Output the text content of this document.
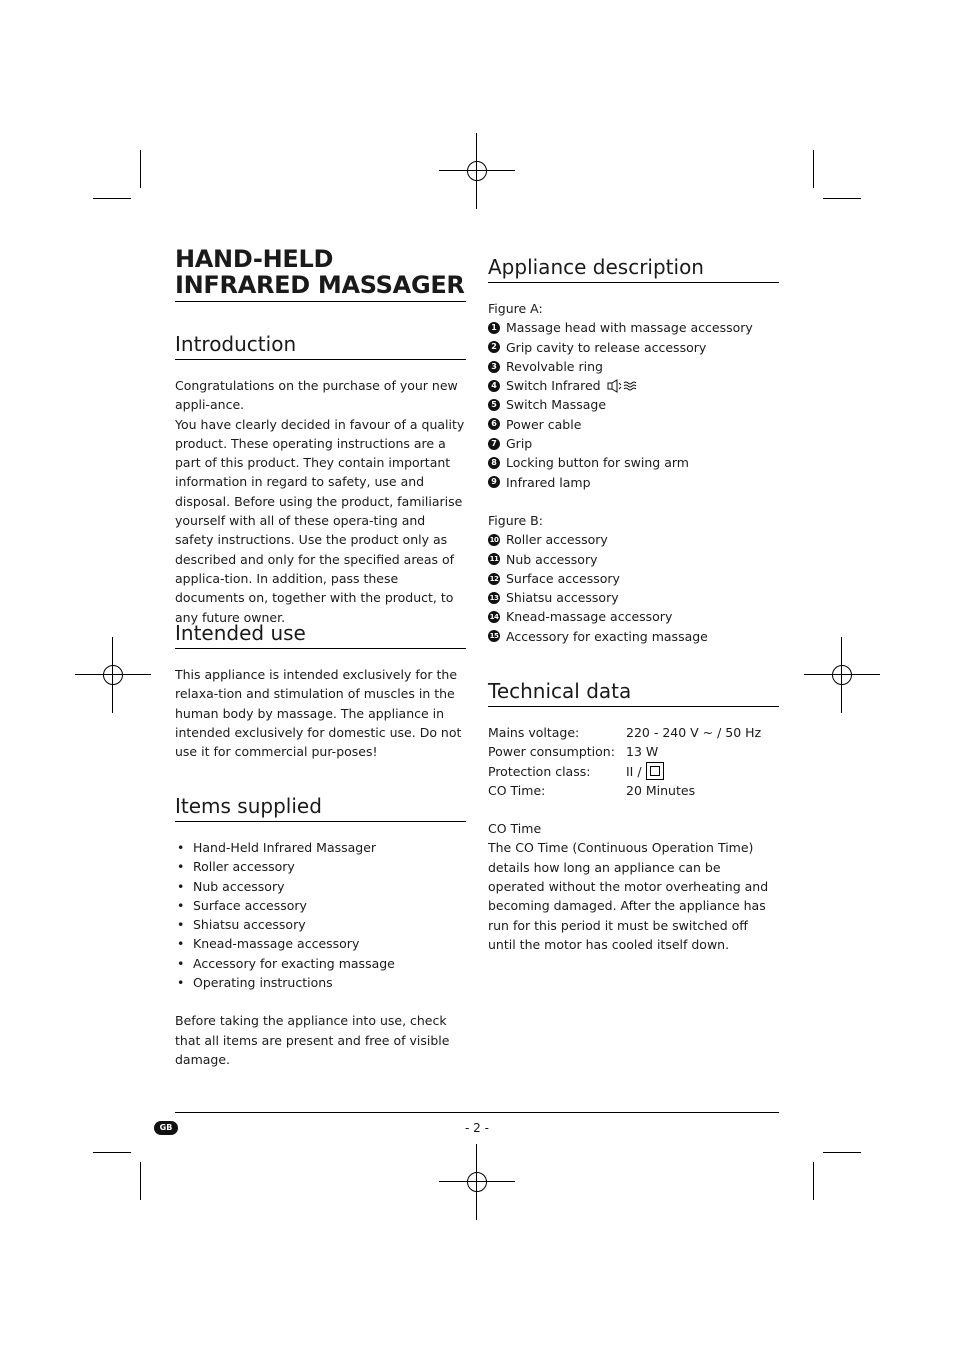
HAND-HELD INFRARED MASSAGER
Introduction

Congratulations on the purchase of your new appli-ance.

You have clearly decided in favour of a quality product. These operating instructions are a part of this product. They contain important information in regard to safety, use and disposal. Before using the product, familiarise yourself with all of these opera-ting and safety instructions. Use the product only as described and only for the specified areas of applica-tion. In addition, pass these documents on, together with the product, to any future owner.

Intended use
This appliance is intended exclusively for the relaxa-tion and stimulation of muscles in the human body by massage. The appliance in intended exclusively for domestic use. Do not use it for commercial pur-poses!
Items supplied
• Hand-Held Infrared Massager
• Roller accessory
• Nub accessory
• Surface accessory
• Shiatsu accessory
• Knead-massage accessory
• Accessory for exacting massage
• Operating instructions
Before taking the appliance into use, check that all items are present and free of visible damage.
Appliance description
Figure A:
1 Massage head with massage accessory
2 Grip cavity to release accessory
3 Revolvable ring
4 Switch Infrared
5 Switch Massage
6 Power cable
7 Grip
8 Locking button for swing arm
9 Infrared lamp
Figure B:
10 Roller accessory
11 Nub accessory
12 Surface accessory
13 Shiatsu accessory
14 Knead-massage accessory
15 Accessory for exacting massage
Technical data
Mains voltage:	220 - 240 V ~ / 50 Hz
Power consumption: 13 W
Protection class:	II /
CO Time:	20 Minutes
CO Time
The CO Time (Continuous Operation Time) details how long an appliance can be operated without the motor overheating and becoming damaged. After the appliance has run for this period it must be switched off until the motor has cooled itself down.
GB	- 2 -
